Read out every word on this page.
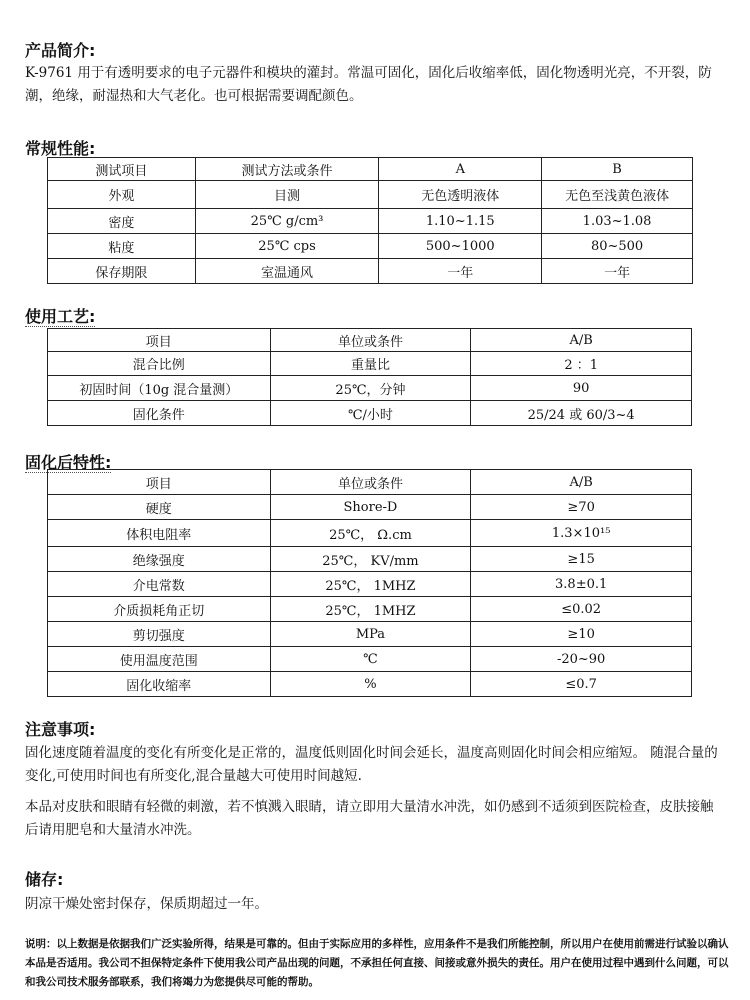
产品简介:
K-9761 用于有透明要求的电子元器件和模块的灌封。常温可固化，固化后收缩率低，固化物透明光亮，不开裂，防潮，绝缘，耐湿热和大气老化。也可根据需要调配颜色。
常规性能:
测试项目	测试方法或条件	A	B
外观	目测	无色透明液体	无色至浅黄色液体
密度	25℃ g/cm³	1.10~1.15	1.03~1.08
粘度	25℃ cps	500~1000	80~500
保存期限	室温通风	一年	一年
使用工艺:
项目	单位或条件	A/B
混合比例	重量比	2 ：1
初固时间（10g 混合量测）	25℃，分钟	90
固化条件	℃/小时	25/24 或 60/3~4
固化后特性:
项目	单位或条件	A/B
硬度	Shore-D	≥70
体积电阻率	25℃， Ω.cm	1.3×10¹⁵
绝缘强度	25℃， KV/mm	≥15
介电常数	25℃， 1MHZ	3.8±0.1
介质损耗角正切	25℃， 1MHZ	≤0.02
剪切强度	MPa	≥10
使用温度范围	℃	-20~90
固化收缩率	%	≤0.7
注意事项:
固化速度随着温度的变化有所变化是正常的，温度低则固化时间会延长，温度高则固化时间会相应缩短。 随混合量的变化,可使用时间也有所变化,混合量越大可使用时间越短.
本品对皮肤和眼睛有轻微的刺激，若不慎溅入眼睛，请立即用大量清水冲洗，如仍感到不适须到医院检查，皮肤接触后请用肥皂和大量清水冲洗。
储存:
阴凉干燥处密封保存，保质期超过一年。
说明：以上数据是依据我们广泛实验所得，结果是可靠的。但由于实际应用的多样性，应用条件不是我们所能控制，所以用户在使用前需进行试验以确认本品是否适用。我公司不担保特定条件下使用我公司产品出现的问题，不承担任何直接、间接或意外损失的责任。用户在使用过程中遇到什么问题，可以和我公司技术服务部联系，我们将竭力为您提供尽可能的帮助。
